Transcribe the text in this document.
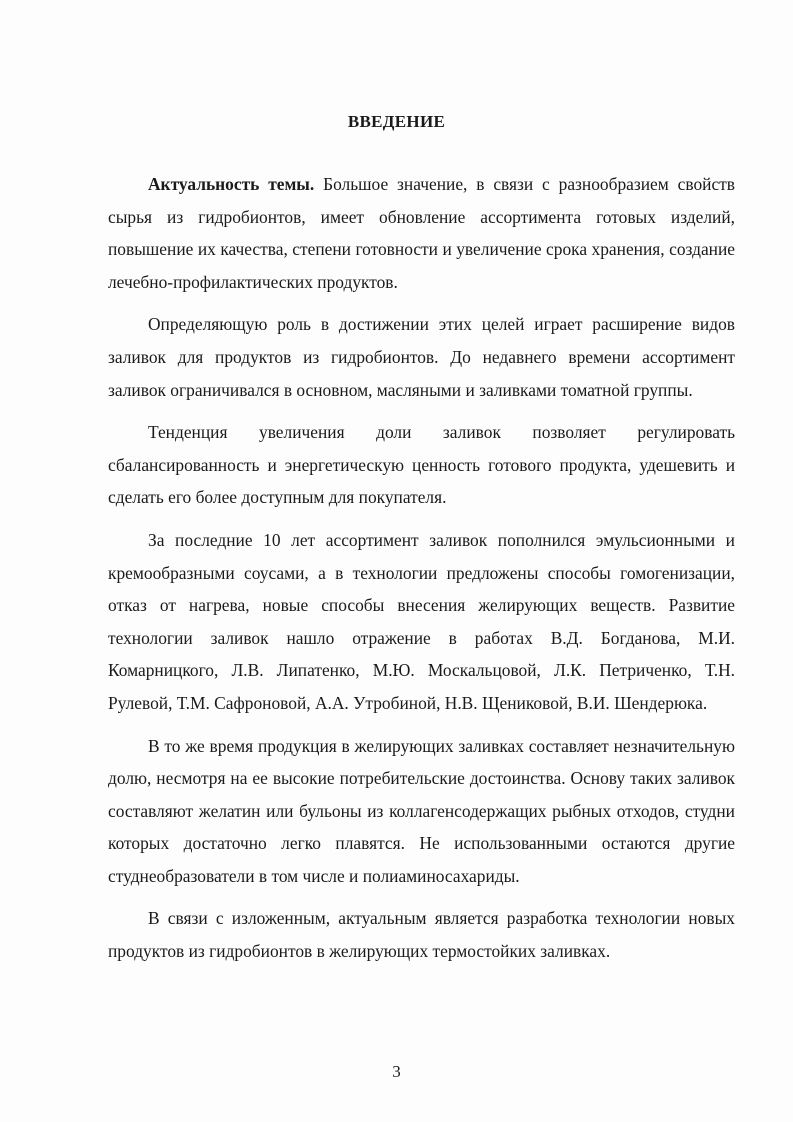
ВВЕДЕНИЕ

Актуальность темы. Большое значение, в связи с разнообразием свойств сырья из гидробионтов, имеет обновление ассортимента готовых изделий, повышение их качества, степени готовности и увеличение срока хранения, создание лечебно-профилактических продуктов.

Определяющую роль в достижении этих целей играет расширение видов заливок для продуктов из гидробионтов. До недавнего времени ассортимент заливок ограничивался в основном, масляными и заливками томатной группы.

Тенденция увеличения доли заливок позволяет регулировать сбалансированность и энергетическую ценность готового продукта, удешевить и сделать его более доступным для покупателя.

За последние 10 лет ассортимент заливок пополнился эмульсионными и кремообразными соусами, а в технологии предложены способы гомогенизации, отказ от нагрева, новые способы внесения желирующих веществ. Развитие технологии заливок нашло отражение в работах В.Д. Богданова, М.И. Комарницкого, Л.В. Липатенко, М.Ю. Москальцовой, Л.К. Петриченко, Т.Н. Рулевой, Т.М. Сафроновой, А.А. Утробиной, Н.В. Щениковой, В.И. Шендерюка.

В то же время продукция в желирующих заливках составляет незначительную долю, несмотря на ее высокие потребительские достоинства. Основу таких заливок составляют желатин или бульоны из коллагенсодержащих рыбных отходов, студни которых достаточно легко плавятся. Не использованными остаются другие студнеобразователи в том числе и полиаминосахариды.

В связи с изложенным, актуальным является разработка технологии новых продуктов из гидробионтов в желирующих термостойких заливках.

3
